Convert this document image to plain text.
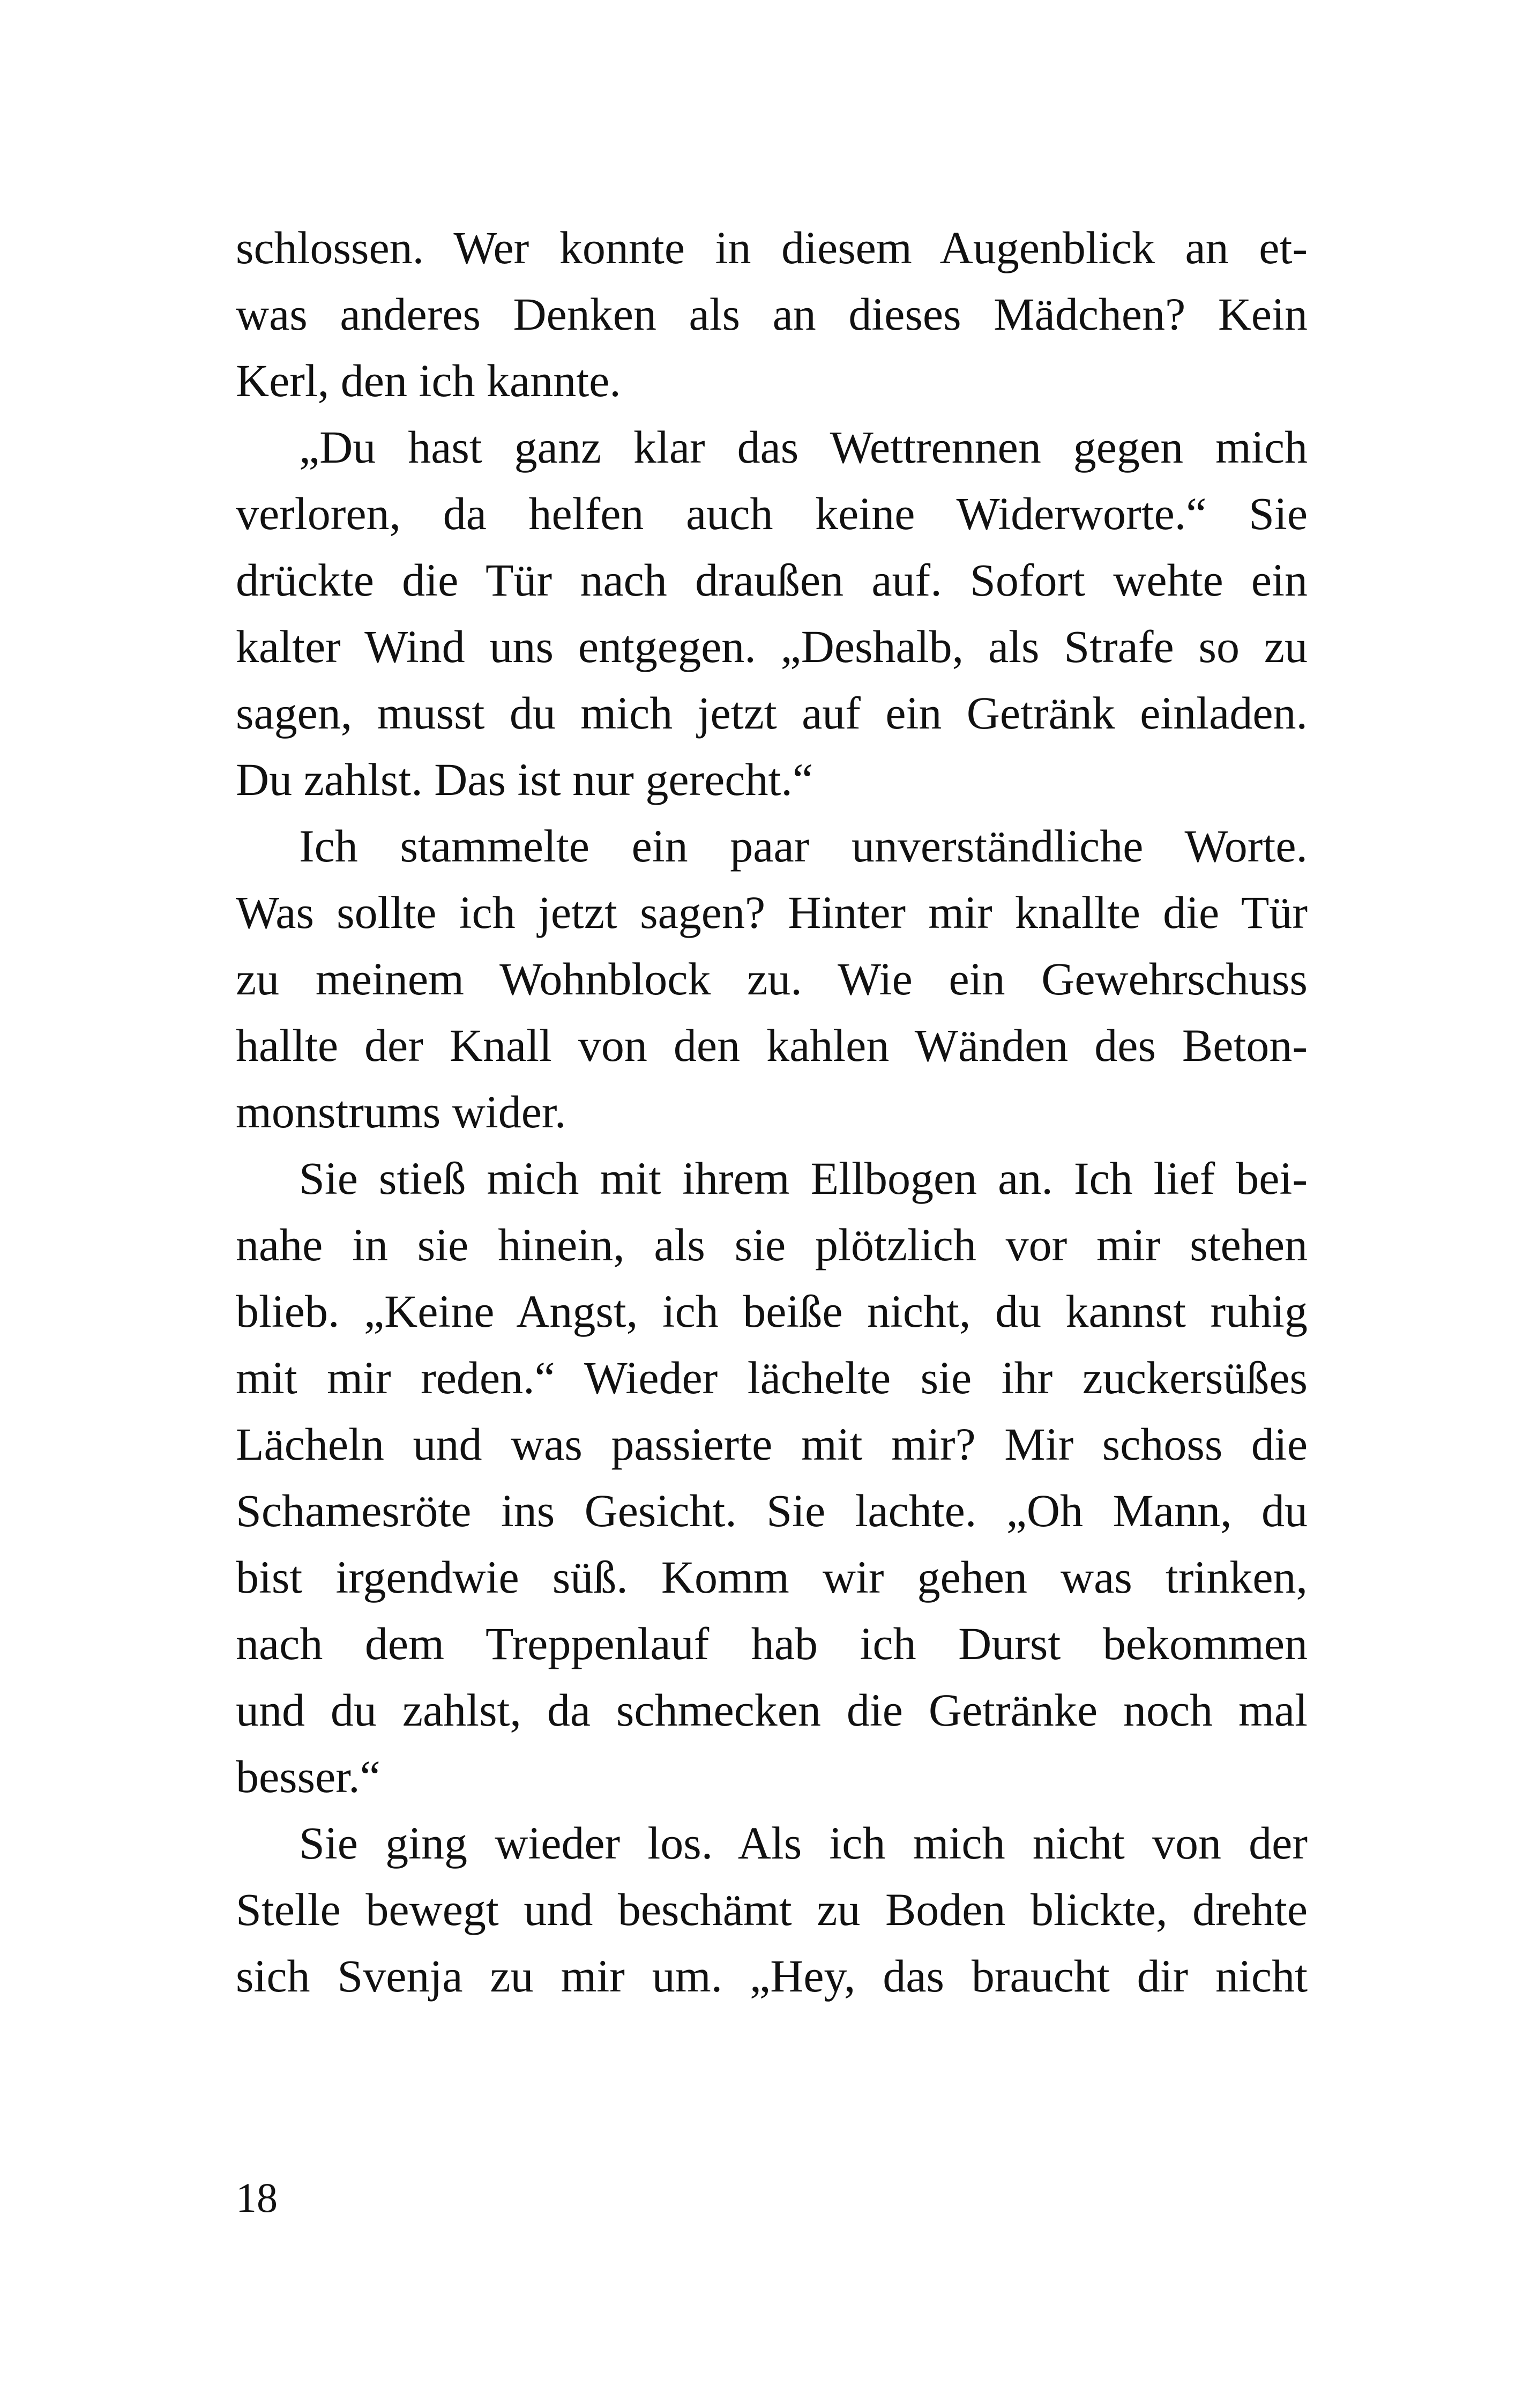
schlossen. Wer konnte in diesem Augenblick an et-
was anderes Denken als an dieses Mädchen? Kein
Kerl, den ich kannte.
„Du hast ganz klar das Wettrennen gegen mich
verloren, da helfen auch keine Widerworte.“ Sie
drückte die Tür nach draußen auf. Sofort wehte ein
kalter Wind uns entgegen. „Deshalb, als Strafe so zu
sagen, musst du mich jetzt auf ein Getränk einladen.
Du zahlst. Das ist nur gerecht.“
Ich stammelte ein paar unverständliche Worte.
Was sollte ich jetzt sagen? Hinter mir knallte die Tür
zu meinem Wohnblock zu. Wie ein Gewehrschuss
hallte der Knall von den kahlen Wänden des Beton-
monstrums wider.
Sie stieß mich mit ihrem Ellbogen an. Ich lief bei-
nahe in sie hinein, als sie plötzlich vor mir stehen
blieb. „Keine Angst, ich beiße nicht, du kannst ruhig
mit mir reden.“ Wieder lächelte sie ihr zuckersüßes
Lächeln und was passierte mit mir? Mir schoss die
Schamesröte ins Gesicht. Sie lachte. „Oh Mann, du
bist irgendwie süß. Komm wir gehen was trinken,
nach dem Treppenlauf hab ich Durst bekommen
und du zahlst, da schmecken die Getränke noch mal
besser.“
Sie ging wieder los. Als ich mich nicht von der
Stelle bewegt und beschämt zu Boden blickte, drehte
sich Svenja zu mir um. „Hey, das braucht dir nicht
18
